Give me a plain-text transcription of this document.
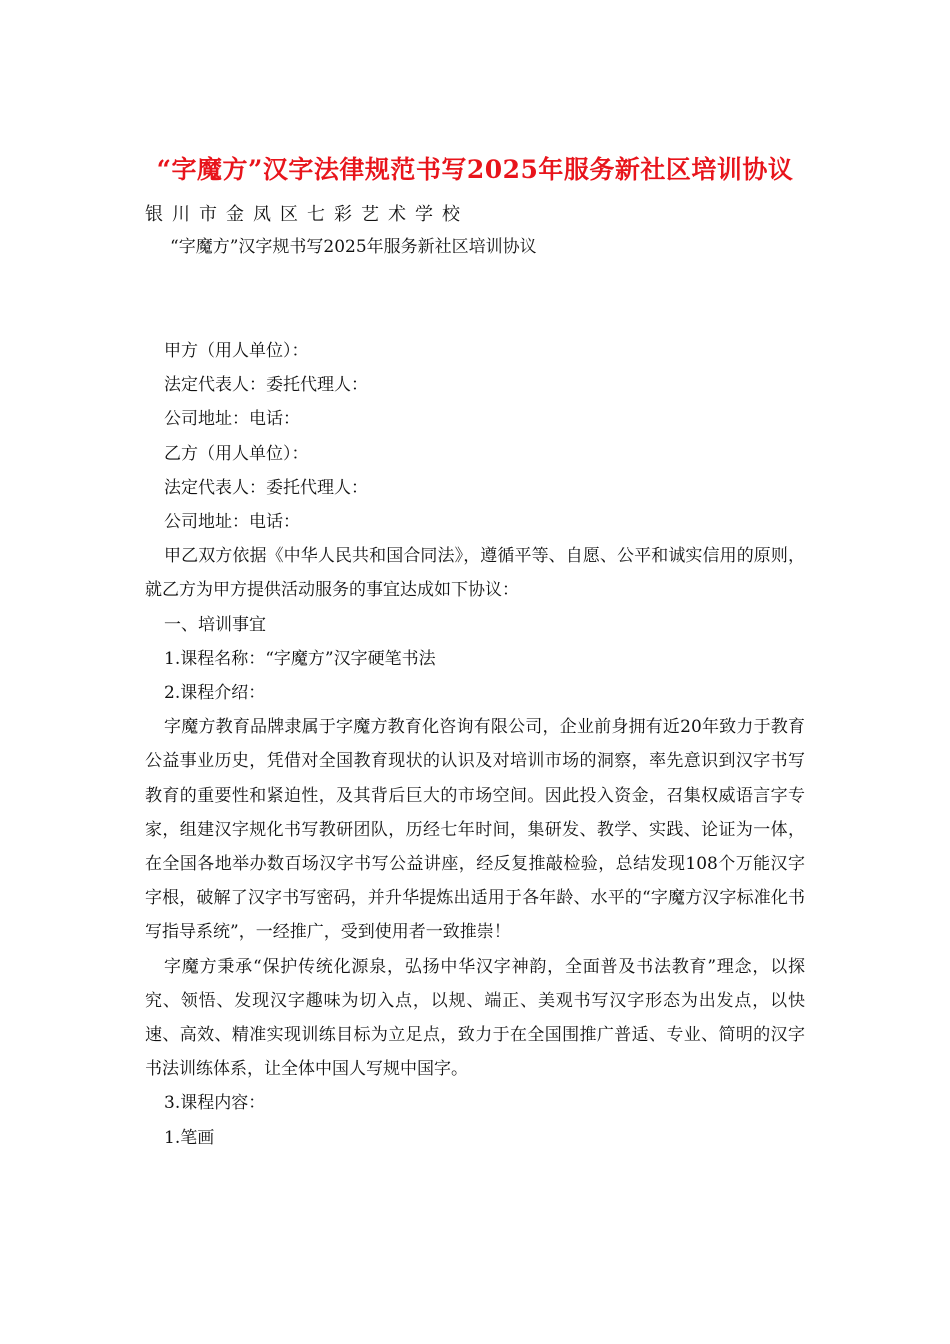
“字魔方”汉字法律规范书写2025年服务新社区培训协议
银川市金凤区七彩艺术学校
“字魔方”汉字规书写2025年服务新社区培训协议

甲方（用人单位）：

法定代表人：委托代理人：

公司地址：电话：

乙方（用人单位）：

法定代表人：委托代理人：

公司地址：电话：

甲乙双方依据《中华人民共和国合同法》，遵循平等、自愿、公平和诚实信用的原则，就乙方为甲方提供活动服务的事宜达成如下协议：

一、培训事宜

1.课程名称：“字魔方”汉字硬笔书法

2.课程介绍：

字魔方教育品牌隶属于字魔方教育化咨询有限公司，企业前身拥有近20年致力于教育公益事业历史，凭借对全国教育现状的认识及对培训市场的洞察，率先意识到汉字书写教育的重要性和紧迫性，及其背后巨大的市场空间。因此投入资金，召集权威语言字专家，组建汉字规化书写教研团队，历经七年时间，集研发、教学、实践、论证为一体，在全国各地举办数百场汉字书写公益讲座，经反复推敲检验，总结发现108个万能汉字字根，破解了汉字书写密码，并升华提炼出适用于各年龄、水平的“字魔方汉字标准化书写指导系统”，一经推广，受到使用者一致推崇！

字魔方秉承“保护传统化源泉，弘扬中华汉字神韵，全面普及书法教育”理念，以探究、领悟、发现汉字趣味为切入点，以规、端正、美观书写汉字形态为出发点，以快速、高效、精准实现训练目标为立足点，致力于在全国围推广普适、专业、简明的汉字书法训练体系，让全体中国人写规中国字。

3.课程内容：

1.笔画
